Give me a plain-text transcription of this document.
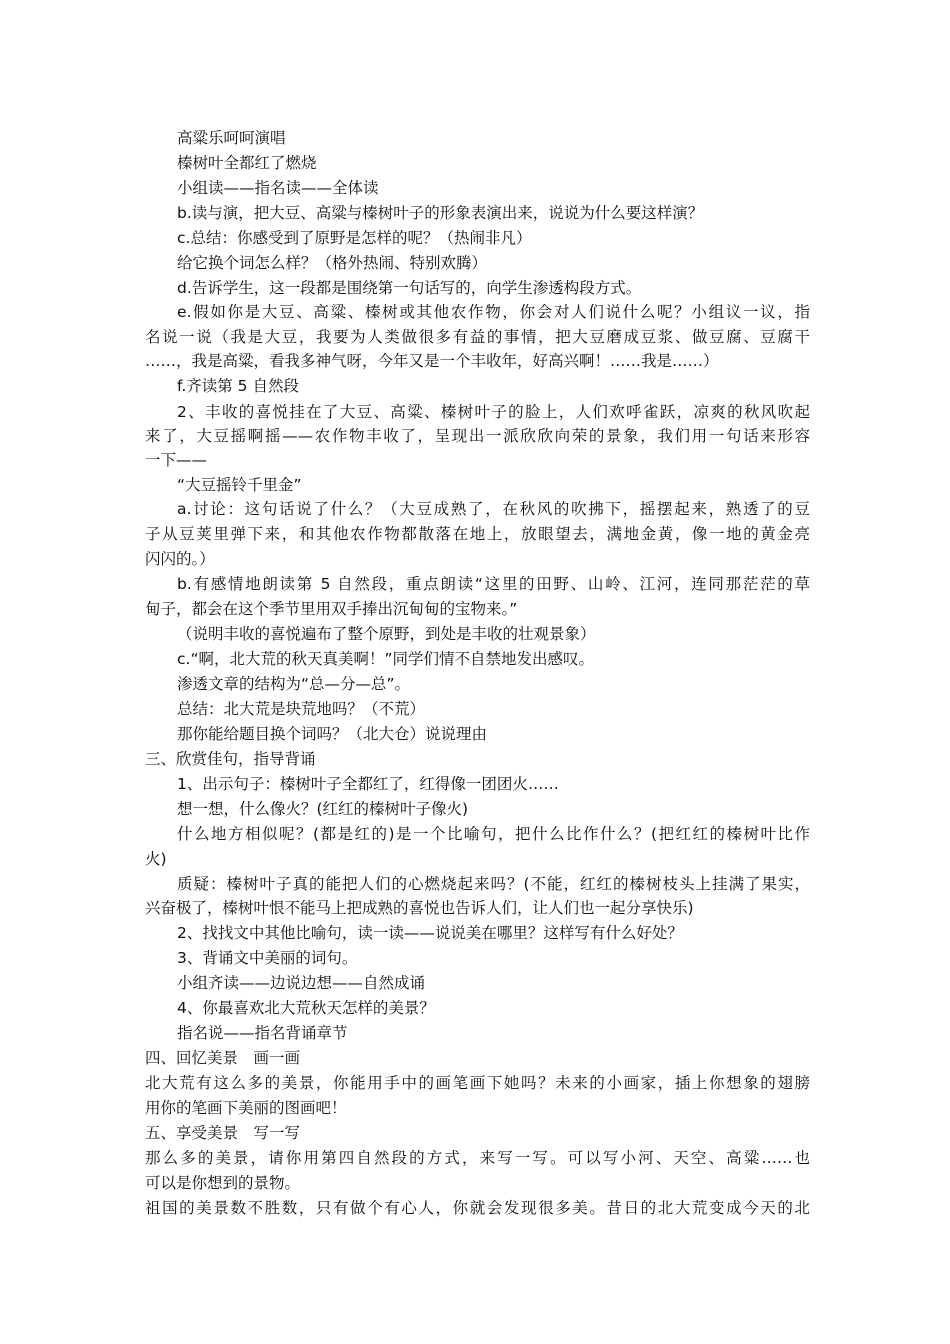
高粱乐呵呵演唱
榛树叶全都红了燃烧
小组读——指名读——全体读
b.读与演，把大豆、高粱与榛树叶子的形象表演出来，说说为什么要这样演？
c.总结：你感受到了原野是怎样的呢？（热闹非凡）
给它换个词怎么样？（格外热闹、特别欢腾）
d.告诉学生，这一段都是围绕第一句话写的，向学生渗透构段方式。
e.假如你是大豆、高粱、榛树或其他农作物，你会对人们说什么呢？小组议一议，指
名说一说（我是大豆，我要为人类做很多有益的事情，把大豆磨成豆浆、做豆腐、豆腐干
……，我是高粱，看我多神气呀，今年又是一个丰收年，好高兴啊！……我是……）
f.齐读第 5 自然段
2、丰收的喜悦挂在了大豆、高粱、榛树叶子的脸上，人们欢呼雀跃，凉爽的秋风吹起
来了，大豆摇啊摇——农作物丰收了，呈现出一派欣欣向荣的景象，我们用一句话来形容
一下——
“大豆摇铃千里金”
a.讨论：这句话说了什么？（大豆成熟了，在秋风的吹拂下，摇摆起来，熟透了的豆
子从豆荚里弹下来，和其他农作物都散落在地上，放眼望去，满地金黄，像一地的黄金亮
闪闪的。）
b.有感情地朗读第 5 自然段，重点朗读“这里的田野、山岭、江河，连同那茫茫的草
甸子，都会在这个季节里用双手捧出沉甸甸的宝物来。”
（说明丰收的喜悦遍布了整个原野，到处是丰收的壮观景象）
c.“啊，北大荒的秋天真美啊！”同学们情不自禁地发出感叹。
渗透文章的结构为“总—分—总”。
总结：北大荒是块荒地吗？（不荒）
那你能给题目换个词吗？（北大仓）说说理由
三、欣赏佳句，指导背诵
1、出示句子：榛树叶子全都红了，红得像一团团火……
想一想，什么像火？(红红的榛树叶子像火)
什么地方相似呢？(都是红的)是一个比喻句，把什么比作什么？(把红红的榛树叶比作
火)
质疑：榛树叶子真的能把人们的心燃烧起来吗？(不能，红红的榛树枝头上挂满了果实，
兴奋极了，榛树叶恨不能马上把成熟的喜悦也告诉人们，让人们也一起分享快乐)
2、找找文中其他比喻句，读一读——说说美在哪里？这样写有什么好处？
3、背诵文中美丽的词句。
小组齐读——边说边想——自然成诵
4、你最喜欢北大荒秋天怎样的美景？
指名说——指名背诵章节
四、回忆美景　画一画
北大荒有这么多的美景，你能用手中的画笔画下她吗？未来的小画家，插上你想象的翅膀
用你的笔画下美丽的图画吧！
五、享受美景　写一写
那么多的美景，请你用第四自然段的方式，来写一写。可以写小河、天空、高粱……也
可以是你想到的景物。
祖国的美景数不胜数，只有做个有心人，你就会发现很多美。昔日的北大荒变成今天的北
